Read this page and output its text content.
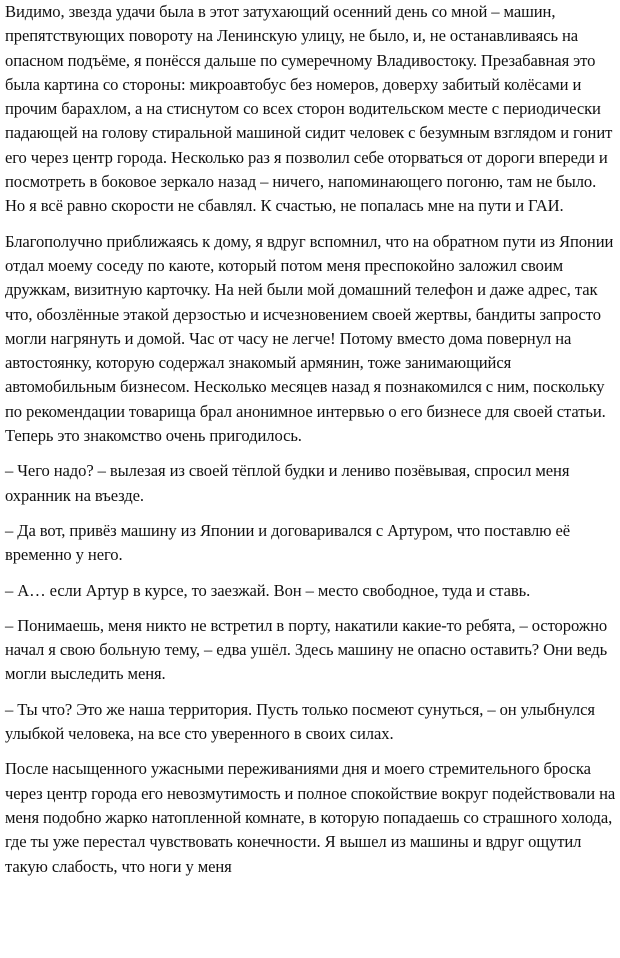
Видимо, звезда удачи была в этот затухающий осенний день со мной – машин, препятствующих повороту на Ленинскую улицу, не было, и, не останавливаясь на опасном подъёме, я понёсся дальше по сумеречному Владивостоку. Презабавная это была картина со стороны: микроавтобус без номеров, доверху забитый колёсами и прочим барахлом, а на стиснутом со всех сторон водительском месте с периодически падающей на голову стиральной машиной сидит человек с безумным взглядом и гонит его через центр города. Несколько раз я позволил себе оторваться от дороги впереди и посмотреть в боковое зеркало назад – ничего, напоминающего погоню, там не было. Но я всё равно скорости не сбавлял. К счастью, не попалась мне на пути и ГАИ.

Благополучно приближаясь к дому, я вдруг вспомнил, что на обратном пути из Японии отдал моему соседу по каюте, который потом меня преспокойно заложил своим дружкам, визитную карточку. На ней были мой домашний телефон и даже адрес, так что, обозлённые этакой дерзостью и исчезновением своей жертвы, бандиты запросто могли нагрянуть и домой. Час от часу не легче! Потому вместо дома повернул на автостоянку, которую содержал знакомый армянин, тоже занимающийся автомобильным бизнесом. Несколько месяцев назад я познакомился с ним, поскольку по рекомендации товарища брал анонимное интервью о его бизнесе для своей статьи. Теперь это знакомство очень пригодилось.

– Чего надо? – вылезая из своей тёплой будки и лениво позёвывая, спросил меня охранник на въезде.

– Да вот, привёз машину из Японии и договаривался с Артуром, что поставлю её временно у него.

– А… если Артур в курсе, то заезжай. Вон – место свободное, туда и ставь.

– Понимаешь, меня никто не встретил в порту, накатили какие-то ребята, – осторожно начал я свою больную тему, – едва ушёл. Здесь машину не опасно оставить? Они ведь могли выследить меня.

– Ты что? Это же наша территория. Пусть только посмеют сунуться, – он улыбнулся улыбкой человека, на все сто уверенного в своих силах.

После насыщенного ужасными переживаниями дня и моего стремительного броска через центр города его невозмутимость и полное спокойствие вокруг подействовали на меня подобно жарко натопленной комнате, в которую попадаешь со страшного холода, где ты уже перестал чувствовать конечности. Я вышел из машины и вдруг ощутил такую слабость, что ноги у меня
